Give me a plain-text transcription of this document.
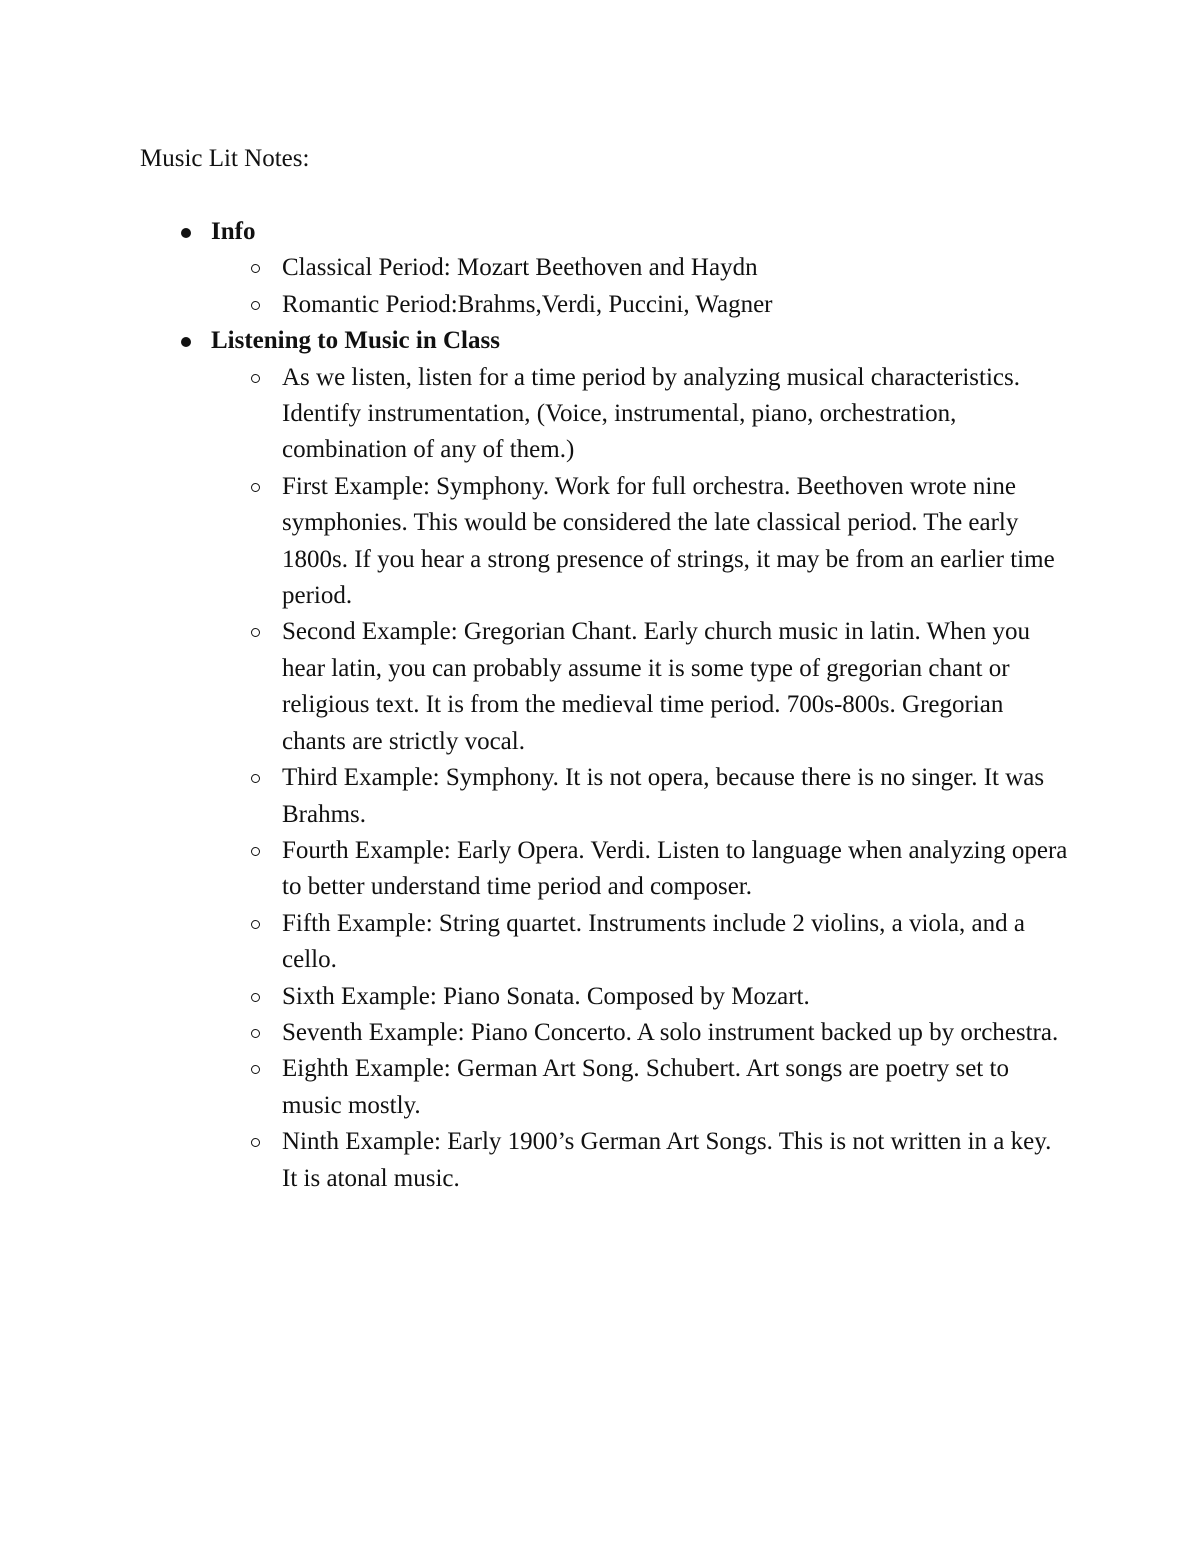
Music Lit Notes:
Info
Classical Period: Mozart Beethoven and Haydn
Romantic Period:Brahms,Verdi, Puccini, Wagner
Listening to Music in Class
As we listen, listen for a time period by analyzing musical characteristics. Identify instrumentation, (Voice, instrumental, piano, orchestration, combination of any of them.)
First Example: Symphony. Work for full orchestra. Beethoven wrote nine symphonies. This would be considered the late classical period. The early 1800s. If you hear a strong presence of strings, it may be from an earlier time period.
Second Example: Gregorian Chant. Early church music in latin. When you hear latin, you can probably assume it is some type of gregorian chant or religious text. It is from the medieval time period. 700s-800s. Gregorian chants are strictly vocal.
Third Example: Symphony. It is not opera, because there is no singer. It was Brahms.
Fourth Example: Early Opera. Verdi. Listen to language when analyzing opera to better understand time period and composer.
Fifth Example: String quartet. Instruments include 2 violins, a viola, and a cello.
Sixth Example: Piano Sonata. Composed by Mozart.
Seventh Example: Piano Concerto. A solo instrument backed up by orchestra.
Eighth Example: German Art Song. Schubert. Art songs are poetry set to music mostly.
Ninth Example: Early 1900’s German Art Songs. This is not written in a key. It is atonal music.
